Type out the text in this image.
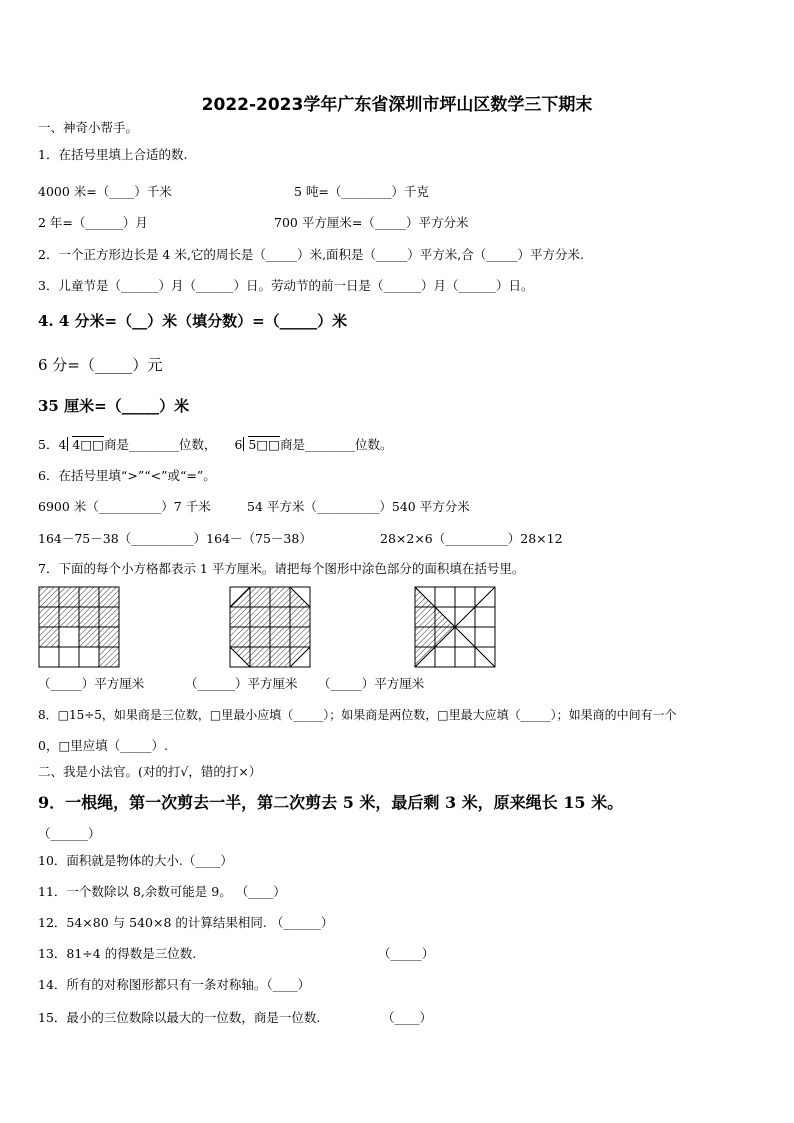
2022-2023学年广东省深圳市坪山区数学三下期末
一、神奇小帮手。
1．在括号里填上合适的数.
4000 米=（____）千米	5 吨=（________）千克
2 年=（______）月	700 平方厘米=（_____）平方分米
2．一个正方形边长是 4 米,它的周长是（_____）米,面积是（_____）平方米,合（_____）平方分米.
3．儿童节是（______）月（______）日。劳动节的前一日是（______）月（______）日。
4. 4 分米=（__）米（填分数）=（_____）米
6 分=（_____）元
35 厘米=（_____）米
5．4 4□□商是________位数， 6 5□□商是________位数。
6．在括号里填“>”“<”或“=”。
6900 米（__________）7 千米	54 平方米（__________）540 平方分米
164－75－38（__________）164－（75－38）	28×2×6（__________）28×12
7．下面的每个小方格都表示 1 平方厘米。请把每个图形中涂色部分的面积填在括号里。
（_____）平方厘米	（______）平方厘米 （_____）平方厘米
8．□15÷5，如果商是三位数，□里最小应填（_____）；如果商是两位数，□里最大应填（_____）；如果商的中间有一个
0，□里应填（_____）.
二、我是小法官。(对的打√，错的打×）
9．一根绳，第一次剪去一半，第二次剪去 5 米，最后剩 3 米，原来绳长 15 米。
（______）
10．面积就是物体的大小.（____）
11．一个数除以 8,余数可能是 9。 （____）
12．54×80 与 540×8 的计算结果相同. （______）
13．81÷4 的得数是三位数.	（_____）
14．所有的对称图形都只有一条对称轴。（____）
15．最小的三位数除以最大的一位数，商是一位数.	（____）
